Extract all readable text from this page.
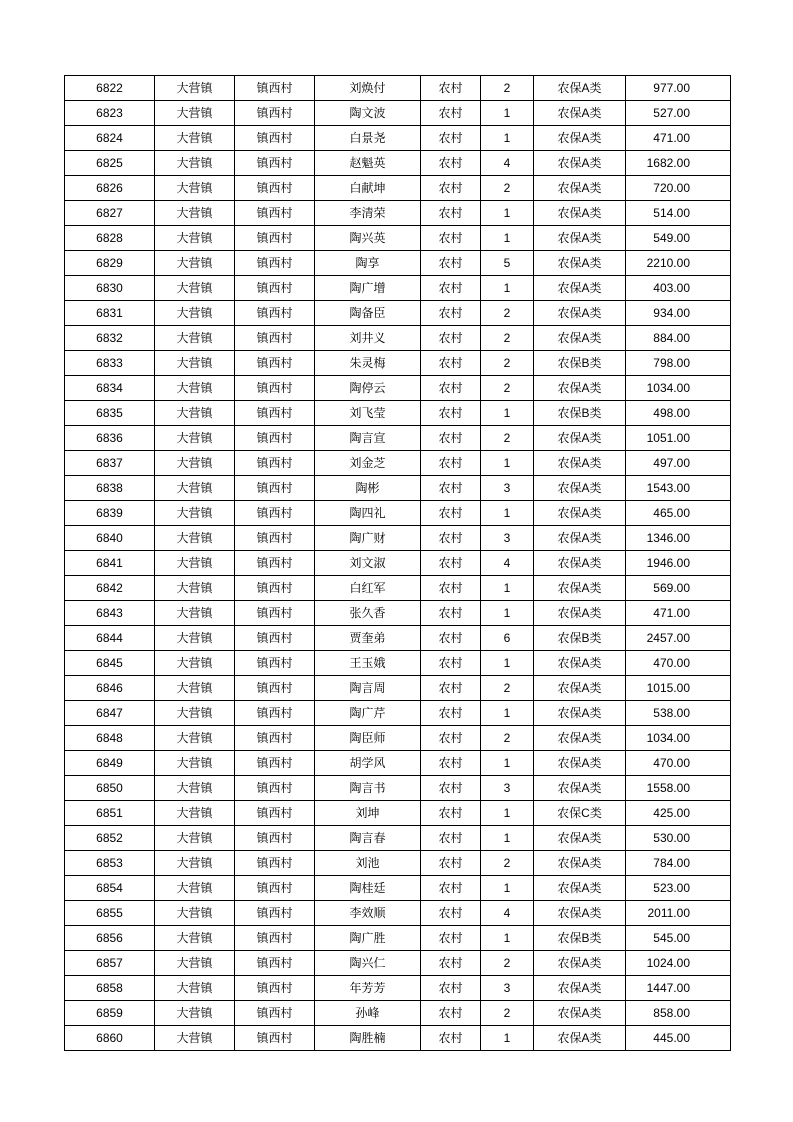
6822	大营镇	镇西村	刘焕付	农村	2	农保A类	977.00
6823	大营镇	镇西村	陶文波	农村	1	农保A类	527.00
6824	大营镇	镇西村	白景尧	农村	1	农保A类	471.00
6825	大营镇	镇西村	赵魁英	农村	4	农保A类	1682.00
6826	大营镇	镇西村	白献坤	农村	2	农保A类	720.00
6827	大营镇	镇西村	李清荣	农村	1	农保A类	514.00
6828	大营镇	镇西村	陶兴英	农村	1	农保A类	549.00
6829	大营镇	镇西村	陶享	农村	5	农保A类	2210.00
6830	大营镇	镇西村	陶广增	农村	1	农保A类	403.00
6831	大营镇	镇西村	陶备臣	农村	2	农保A类	934.00
6832	大营镇	镇西村	刘井义	农村	2	农保A类	884.00
6833	大营镇	镇西村	朱灵梅	农村	2	农保B类	798.00
6834	大营镇	镇西村	陶停云	农村	2	农保A类	1034.00
6835	大营镇	镇西村	刘飞莹	农村	1	农保B类	498.00
6836	大营镇	镇西村	陶言宣	农村	2	农保A类	1051.00
6837	大营镇	镇西村	刘金芝	农村	1	农保A类	497.00
6838	大营镇	镇西村	陶彬	农村	3	农保A类	1543.00
6839	大营镇	镇西村	陶四礼	农村	1	农保A类	465.00
6840	大营镇	镇西村	陶广财	农村	3	农保A类	1346.00
6841	大营镇	镇西村	刘文淑	农村	4	农保A类	1946.00
6842	大营镇	镇西村	白红军	农村	1	农保A类	569.00
6843	大营镇	镇西村	张久香	农村	1	农保A类	471.00
6844	大营镇	镇西村	贾奎弟	农村	6	农保B类	2457.00
6845	大营镇	镇西村	王玉娥	农村	1	农保A类	470.00
6846	大营镇	镇西村	陶言周	农村	2	农保A类	1015.00
6847	大营镇	镇西村	陶广芹	农村	1	农保A类	538.00
6848	大营镇	镇西村	陶臣师	农村	2	农保A类	1034.00
6849	大营镇	镇西村	胡学风	农村	1	农保A类	470.00
6850	大营镇	镇西村	陶言书	农村	3	农保A类	1558.00
6851	大营镇	镇西村	刘坤	农村	1	农保C类	425.00
6852	大营镇	镇西村	陶言春	农村	1	农保A类	530.00
6853	大营镇	镇西村	刘池	农村	2	农保A类	784.00
6854	大营镇	镇西村	陶桂廷	农村	1	农保A类	523.00
6855	大营镇	镇西村	李效顺	农村	4	农保A类	2011.00
6856	大营镇	镇西村	陶广胜	农村	1	农保B类	545.00
6857	大营镇	镇西村	陶兴仁	农村	2	农保A类	1024.00
6858	大营镇	镇西村	年芳芳	农村	3	农保A类	1447.00
6859	大营镇	镇西村	孙峰	农村	2	农保A类	858.00
6860	大营镇	镇西村	陶胜楠	农村	1	农保A类	445.00
